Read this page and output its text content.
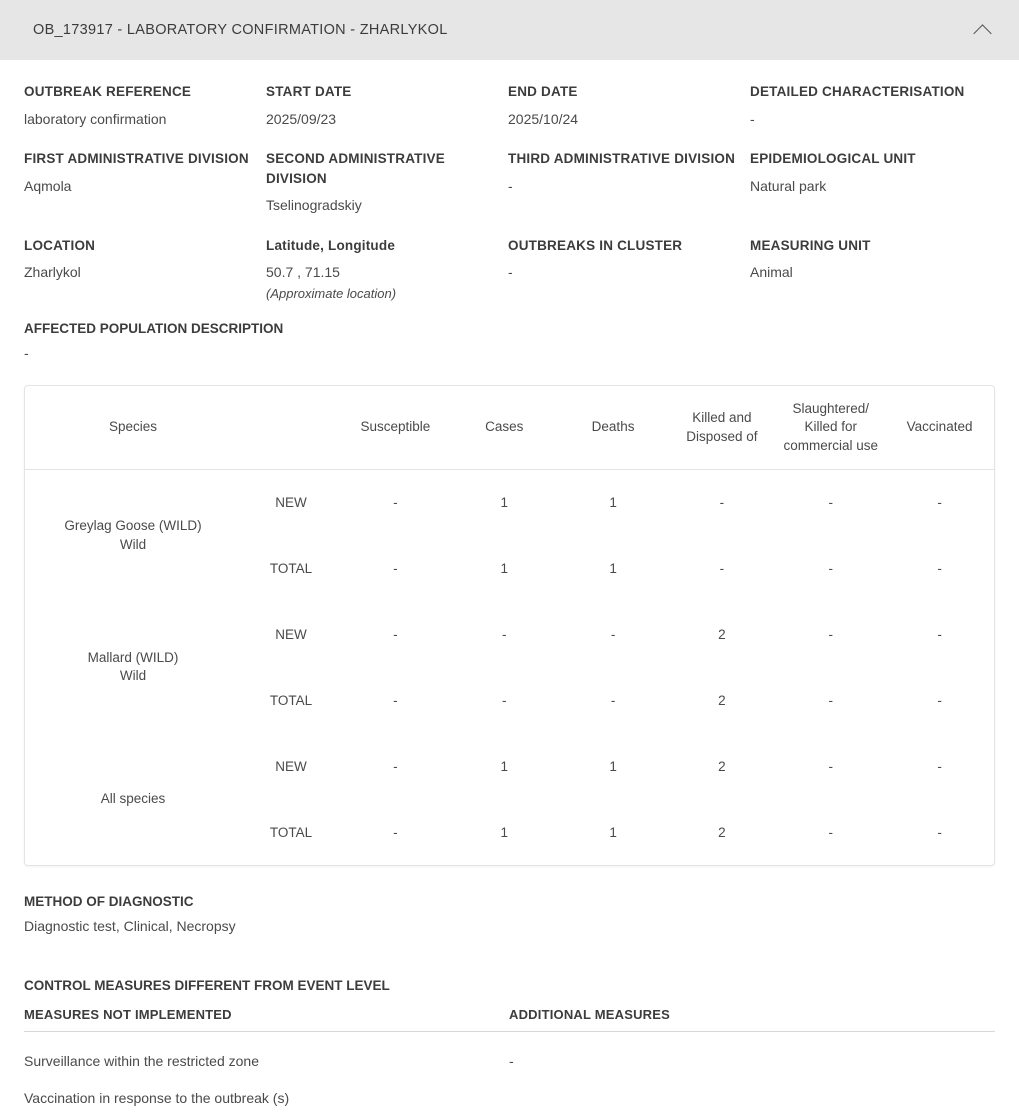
OB_173917 - LABORATORY CONFIRMATION - ZHARLYKOL
OUTBREAK REFERENCE
laboratory confirmation
START DATE
2025/09/23
END DATE
2025/10/24
DETAILED CHARACTERISATION
-
FIRST ADMINISTRATIVE DIVISION
Aqmola
SECOND ADMINISTRATIVE DIVISION
Tselinogradskiy
THIRD ADMINISTRATIVE DIVISION
-
EPIDEMIOLOGICAL UNIT
Natural park
LOCATION
Zharlykol
Latitude, Longitude
50.7 , 71.15
(Approximate location)
OUTBREAKS IN CLUSTER
-
MEASURING UNIT
Animal
AFFECTED POPULATION DESCRIPTION
-
Species		Susceptible	Cases	Deaths	Killed and Disposed of	Slaughtered/ Killed for commercial use	Vaccinated

Greylag Goose (WILD)
Wild	NEW	-	1	1	-	-	-
	TOTAL	-	1	1	-	-	-

Mallard (WILD)
Wild	NEW	-	-	-	2	-	-
	TOTAL	-	-	-	2	-	-

All species	NEW	-	1	1	2	-	-
	TOTAL	-	1	1	2	-	-
METHOD OF DIAGNOSTIC
Diagnostic test, Clinical, Necropsy
CONTROL MEASURES DIFFERENT FROM EVENT LEVEL
MEASURES NOT IMPLEMENTED	ADDITIONAL MEASURES
Surveillance within the restricted zone	-
Vaccination in response to the outbreak (s)	
